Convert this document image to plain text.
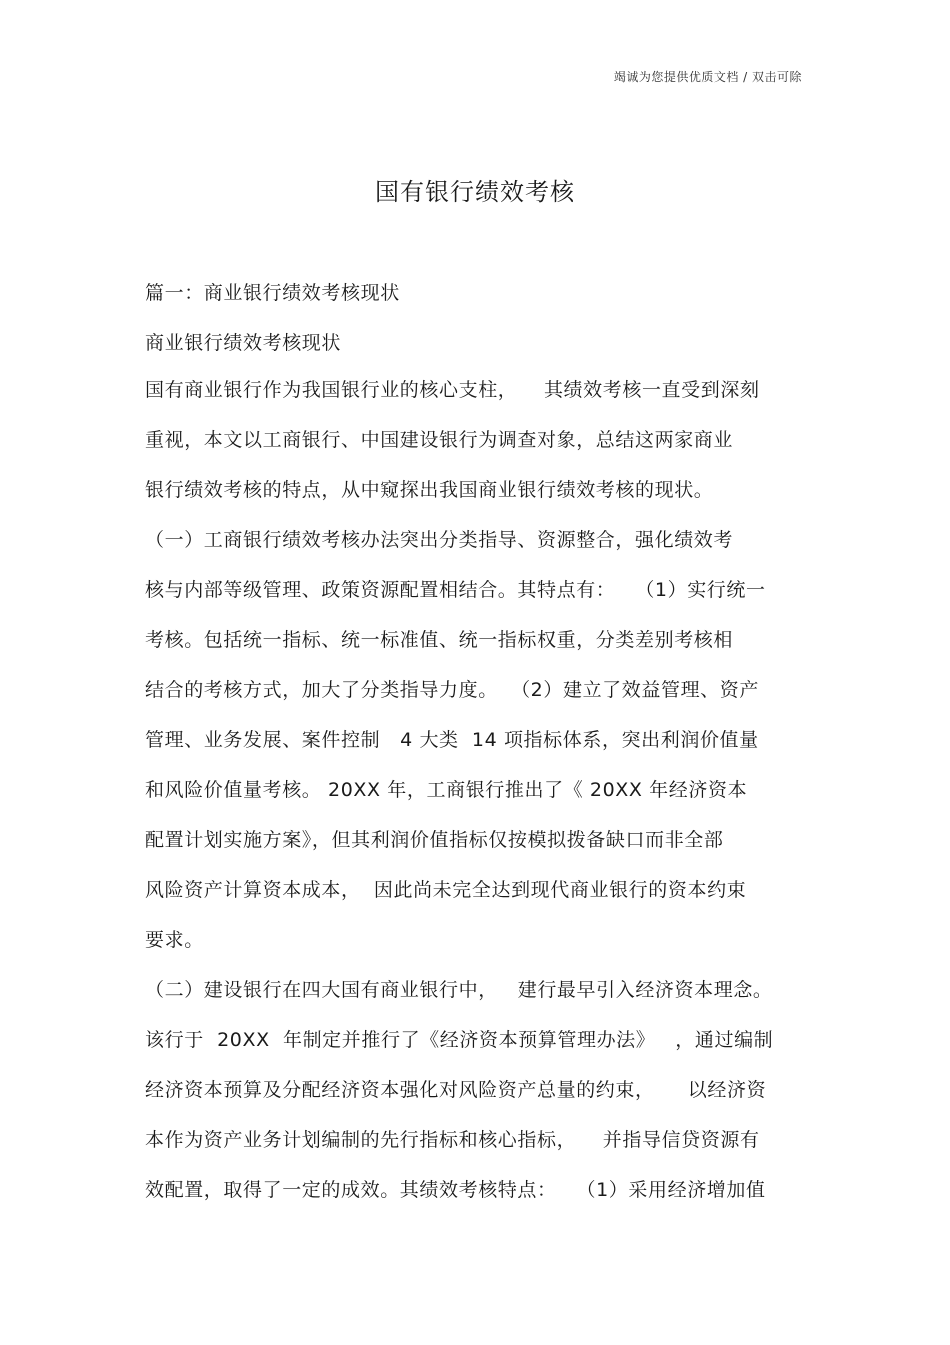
竭诚为您提供优质文档 / 双击可除
国有银行绩效考核
篇一：商业银行绩效考核现状
商业银行绩效考核现状
国有商业银行作为我国银行业的核心支柱，    其绩效考核一直受到深刻
重视，本文以工商银行、中国建设银行为调查对象，总结这两家商业
银行绩效考核的特点，从中窥探出我国商业银行绩效考核的现状。
（一）工商银行绩效考核办法突出分类指导、资源整合，强化绩效考
核与内部等级管理、政策资源配置相结合。其特点有：   （1）实行统一
考核。包括统一指标、统一标准值、统一指标权重，分类差别考核相
结合的考核方式，加大了分类指导力度。  （2）建立了效益管理、资产
管理、业务发展、案件控制   4 大类  14 项指标体系，突出利润价值量
和风险价值量考核。 20XX 年，工商银行推出了《 20XX 年经济资本
配置计划实施方案》，但其利润价值指标仅按模拟拨备缺口而非全部
风险资产计算资本成本，  因此尚未完全达到现代商业银行的资本约束
要求。
（二）建设银行在四大国有商业银行中，   建行最早引入经济资本理念。
该行于  20XX  年制定并推行了《经济资本预算管理办法》   ，通过编制
经济资本预算及分配经济资本强化对风险资产总量的约束，     以经济资
本作为资产业务计划编制的先行指标和核心指标，    并指导信贷资源有
效配置，取得了一定的成效。其绩效考核特点：   （1）采用经济增加值
